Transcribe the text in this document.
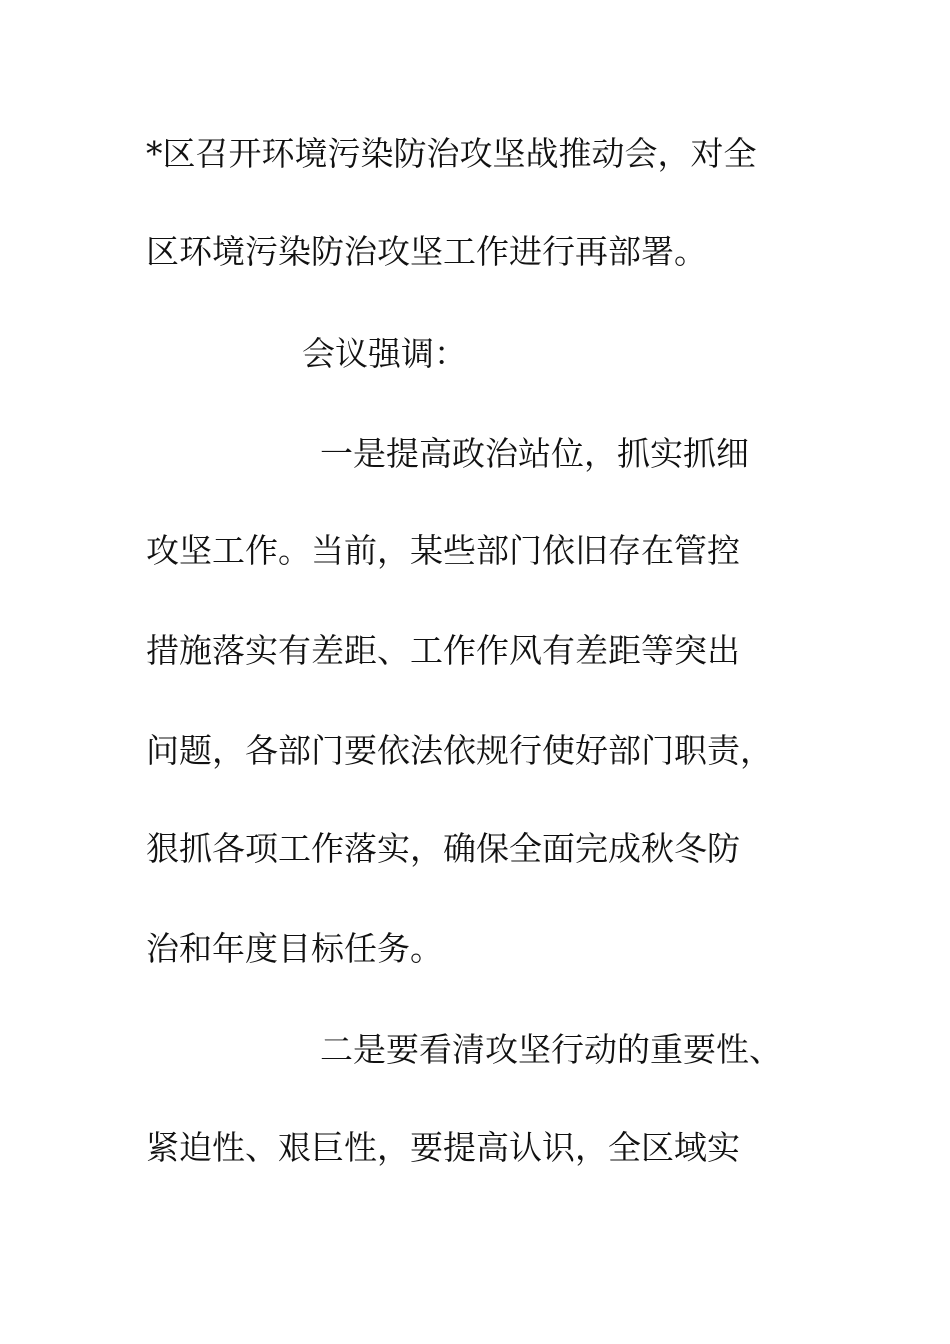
*区召开环境污染防治攻坚战推动会，对全
区环境污染防治攻坚工作进行再部署。
会议强调：
一是提高政治站位，抓实抓细
攻坚工作。当前，某些部门依旧存在管控
措施落实有差距、工作作风有差距等突出
问题，各部门要依法依规行使好部门职责，
狠抓各项工作落实，确保全面完成秋冬防
治和年度目标任务。
二是要看清攻坚行动的重要性、
紧迫性、艰巨性，要提高认识，全区域实
